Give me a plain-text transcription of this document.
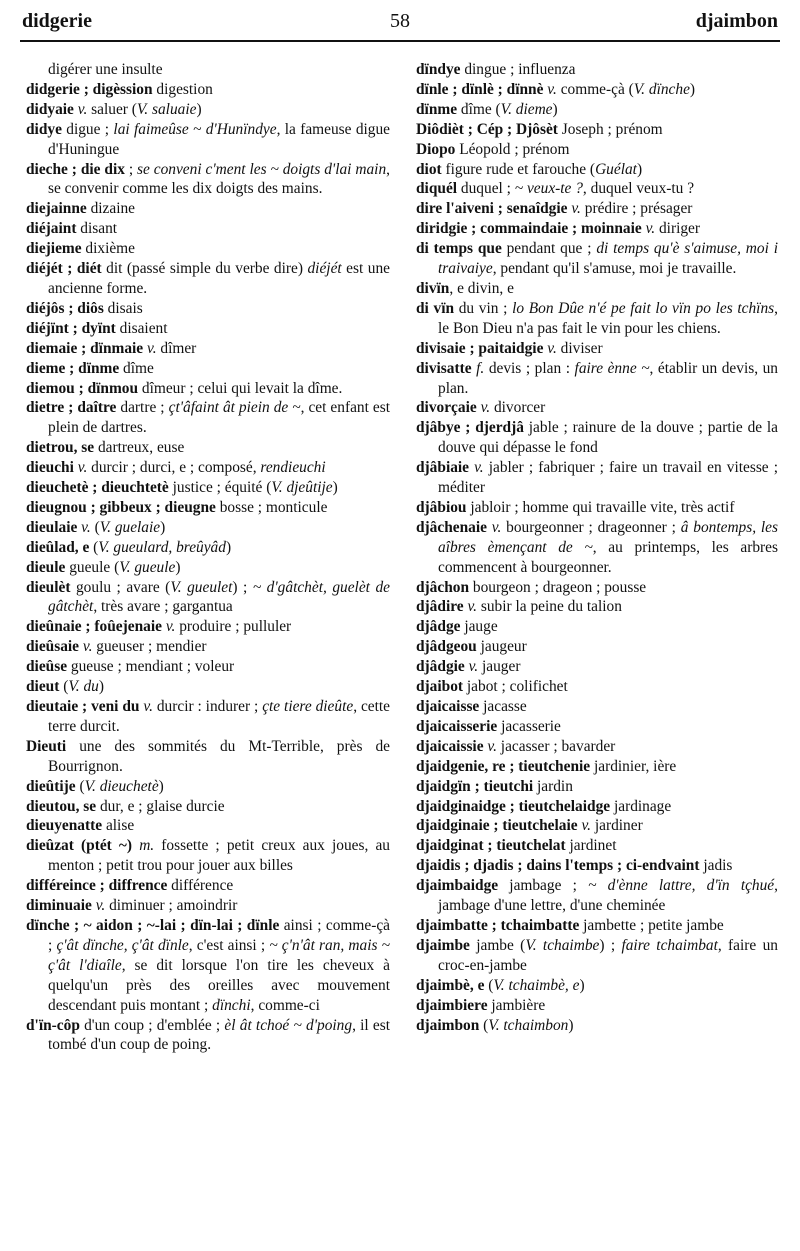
didgerie	58	djaimbon

digérer une insulte

didgerie ; digèssion digestion

didyaie v. saluer (V. saluaie)

didye digue ; lai faimeûse ~ d'Hunïndye, la fameuse digue d'Huningue

dieche ; die dix ; se conveni c'ment les ~ doigts d'lai main, se convenir comme les dix doigts des mains.

diejainne dizaine

diéjaint disant

diejieme dixième

diéjét ; diét dit (passé simple du verbe dire) diéjét est une ancienne forme.

diéjôs ; diôs disais

diéjïnt ; dyïnt disaient

diemaie ; dïnmaie v. dîmer

dieme ; dïnme dîme

diemou ; dïnmou dîmeur ; celui qui levait la dîme.

dietre ; daître dartre ; çt'âfaint ât piein de ~, cet enfant est plein de dartres.

dietrou, se dartreux, euse

dieuchi v. durcir ; durci, e ; composé, rendieuchi

dieuchetè ; dieuchtetè justice ; équité (V. djeûtije)

dieugnou ; gibbeux ; dieugne bosse ; monticule

dieulaie v. (V. guelaie)

dieûlad, e (V. gueulard, breûyâd)

dieule gueule (V. gueule)

dieulèt goulu ; avare (V. gueulet) ; ~ d'gâtchèt, guelèt de gâtchèt, très avare ; gargantua

dieûnaie ; foûejenaie v. produire ; pulluler

dieûsaie v. gueuser ; mendier

dieûse gueuse ; mendiant ; voleur

dieut (V. du)

dieutaie ; veni du v. durcir : indurer ; çte tiere dieûte, cette terre durcit.

Dieuti une des sommités du Mt-Terrible, près de Bourrignon.

dieûtije (V. dieuchetè)

dieutou, se dur, e ; glaise durcie

dieuyenatte alise

dieûzat (ptét ~) m. fossette ; petit creux aux joues, au menton ; petit trou pour jouer aux billes

différeince ; diffrence différence

diminuaie v. diminuer ; amoindrir

dïnche ; ~ aidon ; ~-lai ; dïn-lai ; dïnle ainsi ; comme-çà ; ç'ât dïnche, ç'ât dïnle, c'est ainsi ; ~ ç'n'ât ran, mais ~ ç'ât l'diaîle, se dit lorsque l'on tire les cheveux à quelqu'un près des oreilles avec mouvement descendant puis montant ; dïnchi, comme-ci

d'ïn-côp d'un coup ; d'emblée ; èl ât tchoé ~ d'poing, il est tombé d'un coup de poing.

dïndye dingue ; influenza

dïnle ; dïnlè ; dïnnè v. comme-çà (V. dïnche)

dïnme dîme (V. dieme)

Diôdièt ; Cép ; Djôsèt Joseph ; prénom

Diopo Léopold ; prénom

diot figure rude et farouche (Guélat)

diquél duquel ; ~ veux-te ?, duquel veux-tu ?

dire l'aiveni ; senaîdgie v. prédire ; présager

diridgie ; commaindaie ; moinnaie v. diriger

di temps que pendant que ; di temps qu'è s'aimuse, moi i traivaiye, pendant qu'il s'amuse, moi je travaille.

divïn, e divin, e

di vïn du vin ; lo Bon Dûe n'é pe fait lo vïn po les tchïns, le Bon Dieu n'a pas fait le vin pour les chiens.

divisaie ; paitaidgie v. diviser

divisatte f. devis ; plan : faire ènne ~, établir un devis, un plan.

divorçaie v. divorcer

djâbye ; djerdjâ jable ; rainure de la douve ; partie de la douve qui dépasse le fond

djâbiaie v. jabler ; fabriquer ; faire un travail en vitesse ; méditer

djâbiou jabloir ; homme qui travaille vite, très actif

djâchenaie v. bourgeonner ; drageonner ; â bontemps, les aîbres èmençant de ~, au printemps, les arbres commencent à bourgeonner.

djâchon bourgeon ; drageon ; pousse

djâdire v. subir la peine du talion

djâdge jauge

djâdgeou jaugeur

djâdgie v. jauger

djaibot jabot ; colifichet

djaicaisse jacasse

djaicaisserie jacasserie

djaicaissie v. jacasser ; bavarder

djaidgenie, re ; tieutchenie jardinier, ière

djaidgïn ; tieutchi jardin

djaidginaidge ; tieutchelaidge jardinage

djaidginaie ; tieutchelaie v. jardiner

djaidginat ; tieutchelat jardinet

djaidis ; djadis ; dains l'temps ; ci-endvaint jadis

djaimbaidge jambage ; ~ d'ènne lattre, d'ïn tçhué, jambage d'une lettre, d'une cheminée

djaimbatte ; tchaimbatte jambette ; petite jambe

djaimbe jambe (V. tchaimbe) ; faire tchaimbat, faire un croc-en-jambe

djaimbè, e (V. tchaimbè, e)

djaimbiere jambière

djaimbon (V. tchaimbon)
